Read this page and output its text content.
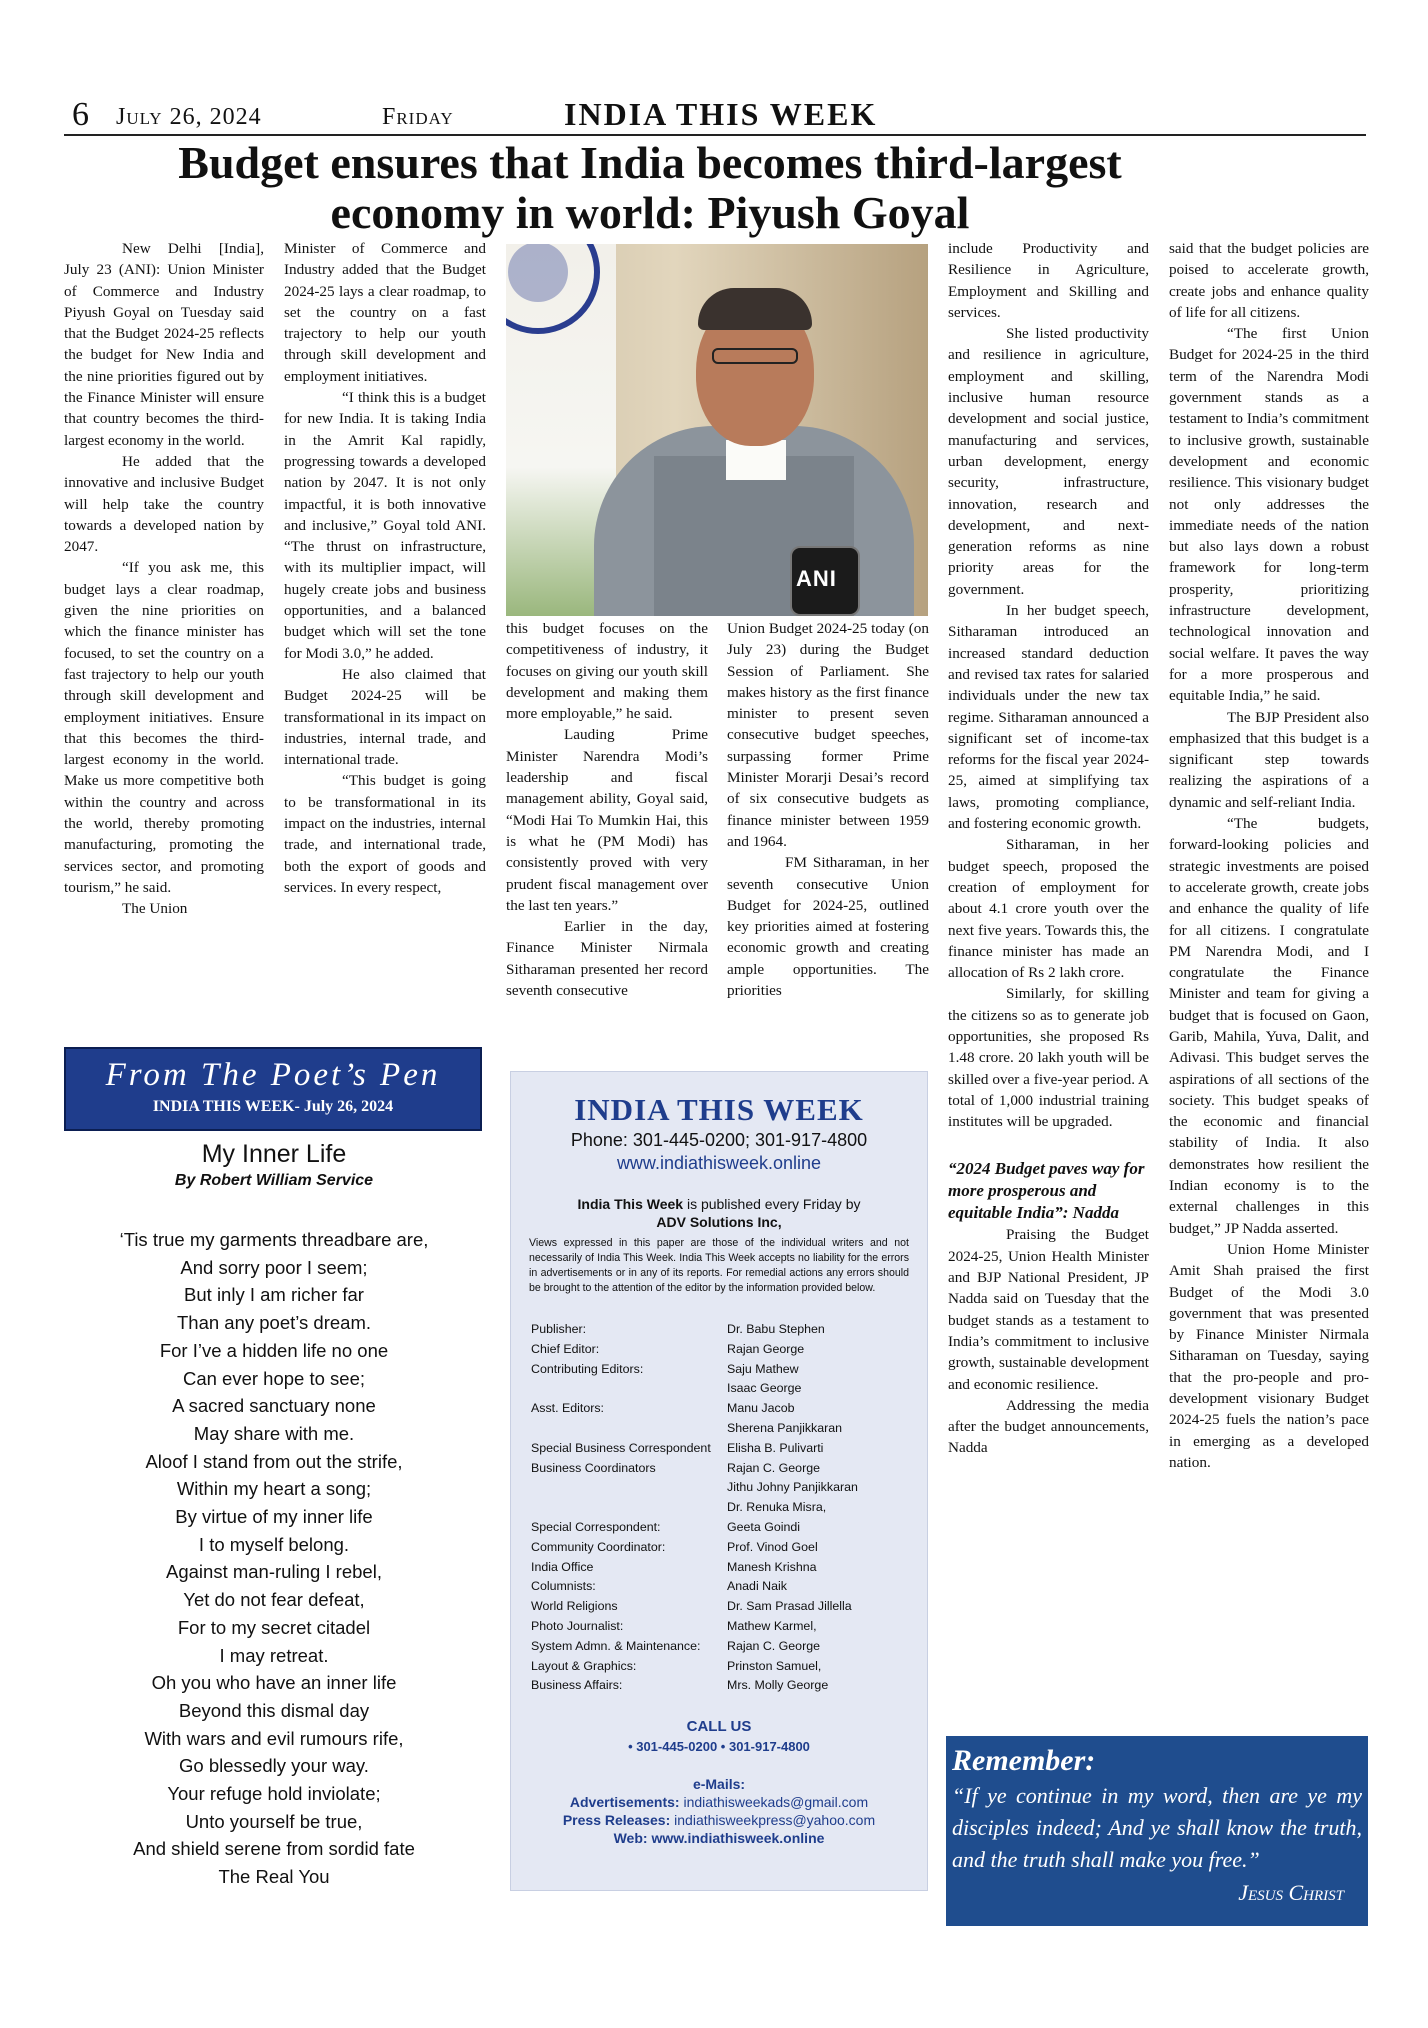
6 July 26, 2024	Friday	INDIA THIS WEEK
Budget ensures that India becomes third-largest economy in world: Piyush Goyal

New Delhi [India], July 23 (ANI): Union Minister of Commerce and Industry Piyush Goyal on Tuesday said that the Budget 2024-25 reflects the budget for New India and the nine priorities figured out by the Finance Minister will ensure that country becomes the third-largest economy in the world.

He added that the innovative and inclusive Budget will help take the country towards a developed nation by 2047.

“If you ask me, this budget lays a clear roadmap, given the nine priorities on which the finance minister has focused, to set the country on a fast trajectory to help our youth through skill development and employment initiatives. Ensure that this becomes the third-largest economy in the world. Make us more competitive both within the country and across the world, thereby promoting manufacturing, promoting the services sector, and promoting tourism,” he said.

The Union

Minister of Commerce and Industry added that the Budget 2024-25 lays a clear roadmap, to set the country on a fast trajectory to help our youth through skill development and employment initiatives.

“I think this is a budget for new India. It is taking India in the Amrit Kal rapidly, progressing towards a developed nation by 2047. It is not only impactful, it is both innovative and inclusive,” Goyal told ANI. “The thrust on infrastructure, with its multiplier impact, will hugely create jobs and business opportunities, and a balanced budget which will set the tone for Modi 3.0,” he added.

He also claimed that Budget 2024-25 will be transformational in its impact on industries, internal trade, and international trade.

“This budget is going to be transformational in its impact on the industries, internal trade, and international trade, both the export of goods and services. In every respect,

ANI

this budget focuses on the competitiveness of industry, it focuses on giving our youth skill development and making them more employable,” he said.

Lauding Prime Minister Narendra Modi’s leadership and fiscal management ability, Goyal said, “Modi Hai To Mumkin Hai, this is what he (PM Modi) has consistently proved with very prudent fiscal management over the last ten years.”

Earlier in the day, Finance Minister Nirmala Sitharaman presented her record seventh consecutive

Union Budget 2024-25 today (on July 23) during the Budget Session of Parliament. She makes history as the first finance minister to present seven consecutive budget speeches, surpassing former Prime Minister Morarji Desai’s record of six consecutive budgets as finance minister between 1959 and 1964.

FM Sitharaman, in her seventh consecutive Union Budget for 2024-25, outlined key priorities aimed at fostering economic growth and creating ample opportunities. The priorities

include Productivity and Resilience in Agriculture, Employment and Skilling and services.

She listed productivity and resilience in agriculture, employment and skilling, inclusive human resource development and social justice, manufacturing and services, urban development, energy security, infrastructure, innovation, research and development, and next-generation reforms as nine priority areas for the government.

In her budget speech, Sitharaman introduced an increased standard deduction and revised tax rates for salaried individuals under the new tax regime. Sitharaman announced a significant set of income-tax reforms for the fiscal year 2024-25, aimed at simplifying tax laws, promoting compliance, and fostering economic growth.

Sitharaman, in her budget speech, proposed the creation of employment for about 4.1 crore youth over the next five years. Towards this, the finance minister has made an allocation of Rs 2 lakh crore.

Similarly, for skilling the citizens so as to generate job opportunities, she proposed Rs 1.48 crore. 20 lakh youth will be skilled over a five-year period. A total of 1,000 industrial training institutes will be upgraded.

“2024 Budget paves way for more prosperous and equitable India”: Nadda

Praising the Budget 2024-25, Union Health Minister and BJP National President, JP Nadda said on Tuesday that the budget stands as a testament to India’s commitment to inclusive growth, sustainable development and economic resilience.

Addressing the media after the budget announcements, Nadda

said that the budget policies are poised to accelerate growth, create jobs and enhance quality of life for all citizens.

“The first Union Budget for 2024-25 in the third term of the Narendra Modi government stands as a testament to India’s commitment to inclusive growth, sustainable development and economic resilience. This visionary budget not only addresses the immediate needs of the nation but also lays down a robust framework for long-term prosperity, prioritizing infrastructure development, technological innovation and social welfare. It paves the way for a more prosperous and equitable India,” he said.

The BJP President also emphasized that this budget is a significant step towards realizing the aspirations of a dynamic and self-reliant India.

“The budgets, forward-looking policies and strategic investments are poised to accelerate growth, create jobs and enhance the quality of life for all citizens. I congratulate PM Narendra Modi, and I congratulate the Finance Minister and team for giving a budget that is focused on Gaon, Garib, Mahila, Yuva, Dalit, and Adivasi. This budget serves the aspirations of all sections of the society. This budget speaks of the economic and financial stability of India. It also demonstrates how resilient the Indian economy is to the external challenges in this budget,” JP Nadda asserted.

Union Home Minister Amit Shah praised the first Budget of the Modi 3.0 government that was presented by Finance Minister Nirmala Sitharaman on Tuesday, saying that the pro-people and pro-development visionary Budget 2024-25 fuels the nation’s pace in emerging as a developed nation.

From The Poet’s Pen
INDIA THIS WEEK- July 26, 2024
My Inner Life
By Robert William Service
‘Tis true my garments threadbare are,
And sorry poor I seem;
But inly I am richer far
Than any poet’s dream.
For I’ve a hidden life no one
Can ever hope to see;
A sacred sanctuary none
May share with me.
Aloof I stand from out the strife,
Within my heart a song;
By virtue of my inner life
I to myself belong.
Against man-ruling I rebel,
Yet do not fear defeat,
For to my secret citadel
I may retreat.
Oh you who have an inner life
Beyond this dismal day
With wars and evil rumours rife,
Go blessedly your way.
Your refuge hold inviolate;
Unto yourself be true,
And shield serene from sordid fate
The Real You
INDIA THIS WEEK
Phone: 301-445-0200; 301-917-4800
www.indiathisweek.online
India This Week is published every Friday by
ADV Solutions Inc,
Views expressed in this paper are those of the individual writers and not necessarily of India This Week. India This Week accepts no liability for the errors in advertisements or in any of its reports. For remedial actions any errors should be brought to the attention of the editor by the information provided below.
Publisher:	Dr. Babu Stephen
Chief Editor:	Rajan George
Contributing Editors:	Saju Mathew
Isaac George
Asst. Editors:	Manu Jacob
Sherena Panjikkaran
Special Business Correspondent	Elisha B. Pulivarti
Business Coordinators	Rajan C. George
Jithu Johny Panjikkaran
Dr. Renuka Misra,
Special Correspondent:	Geeta Goindi
Community Coordinator:	Prof. Vinod Goel
India Office	Manesh Krishna
Columnists:	Anadi Naik
World Religions	Dr. Sam Prasad Jillella
Photo Journalist:	Mathew Karmel,
System Admn. & Maintenance:	Rajan C. George
Layout & Graphics:	Prinston Samuel,
Business Affairs:	Mrs. Molly George
CALL US
• 301-445-0200 • 301-917-4800
e-Mails:
Advertisements: indiathisweekads@gmail.com
Press Releases: indiathisweekpress@yahoo.com
Web: www.indiathisweek.online
Remember:
“If ye continue in my word, then are ye my disciples indeed; And ye shall know the truth, and the truth shall make you free.”
Jesus Christ
